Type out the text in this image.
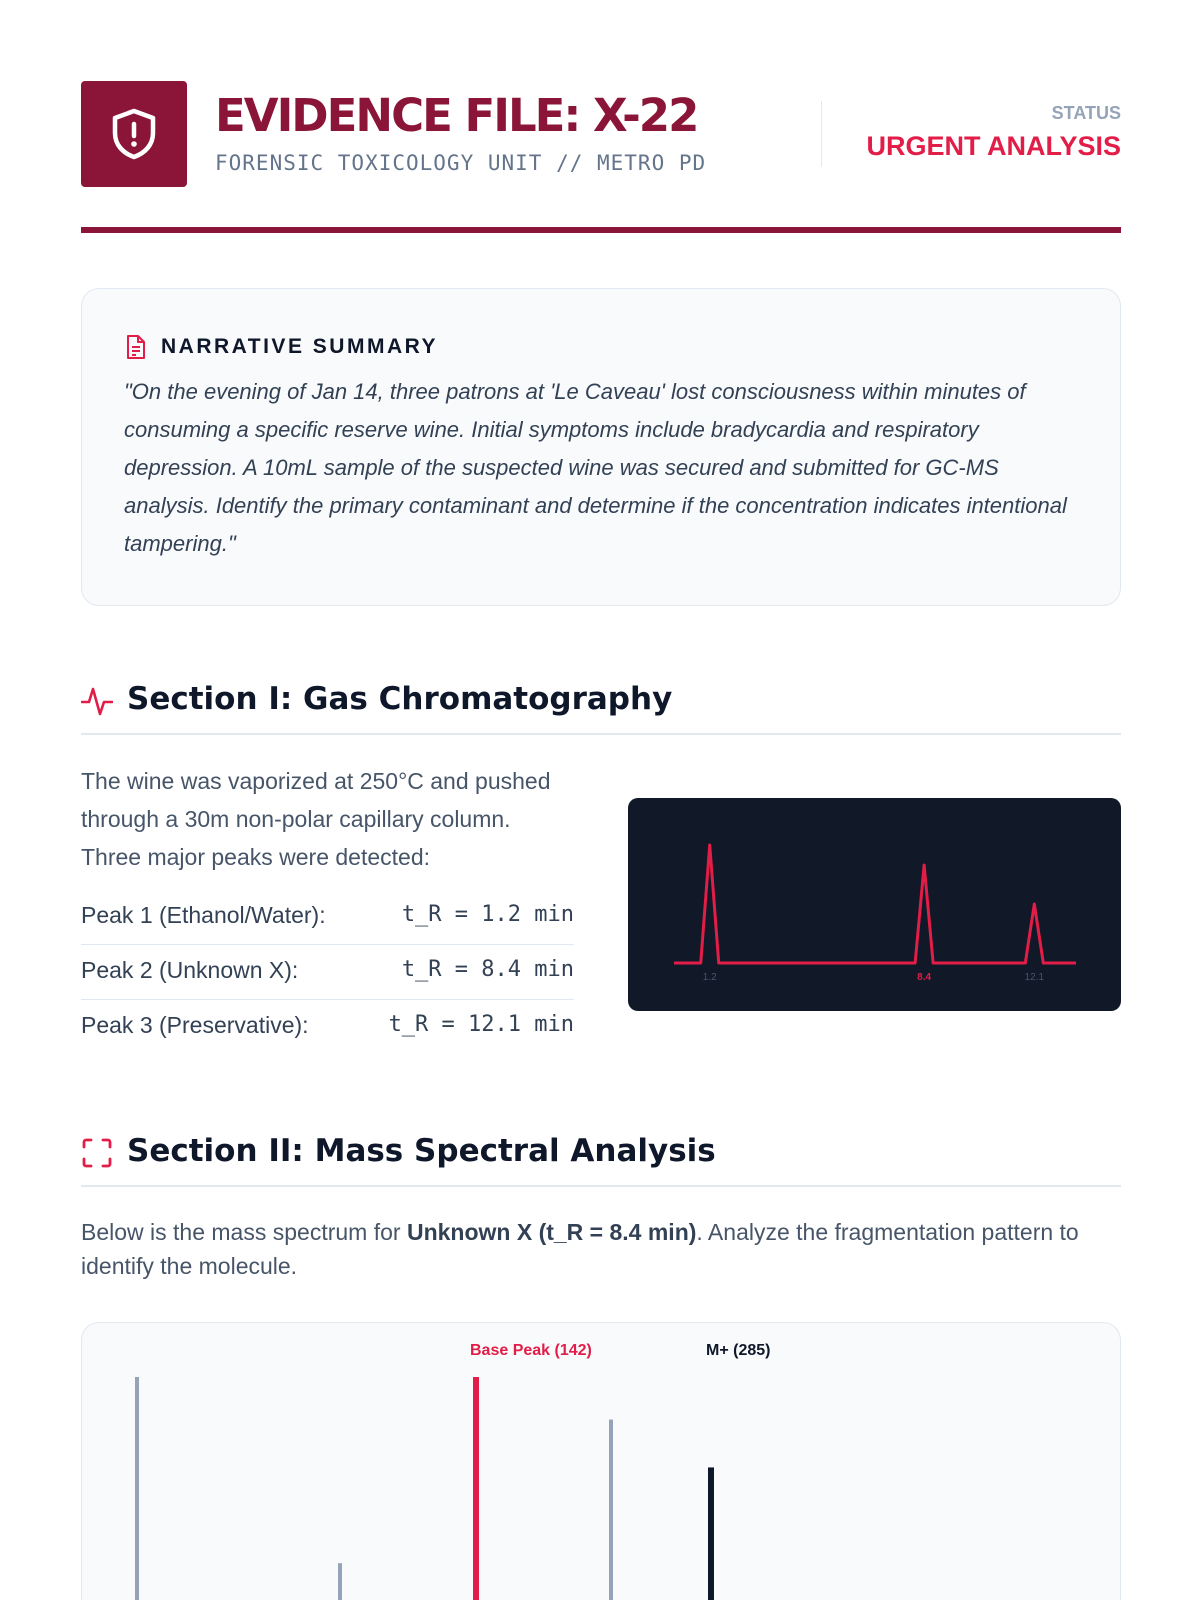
EVIDENCE FILE: X-22
FORENSIC TOXICOLOGY UNIT // METRO PD
STATUS
URGENT ANALYSIS
NARRATIVE SUMMARY
"On the evening of Jan 14, three patrons at 'Le Caveau' lost consciousness within minutes of consuming a specific reserve wine. Initial symptoms include bradycardia and respiratory depression. A 10mL sample of the suspected wine was secured and submitted for GC-MS analysis. Identify the primary contaminant and determine if the concentration indicates intentional tampering."
Section I: Gas Chromatography
The wine was vaporized at 250°C and pushed through a 30m non-polar capillary column. Three major peaks were detected:
Peak 1 (Ethanol/Water):	t_R = 1.2 min
Peak 2 (Unknown X):	t_R = 8.4 min
Peak 3 (Preservative):	t_R = 12.1 min
1.2	8.4	12.1
Section II: Mass Spectral Analysis
Below is the mass spectrum for Unknown X (t_R = 8.4 min). Analyze the fragmentation pattern to identify the molecule.
Base Peak (142)	M+ (285)
